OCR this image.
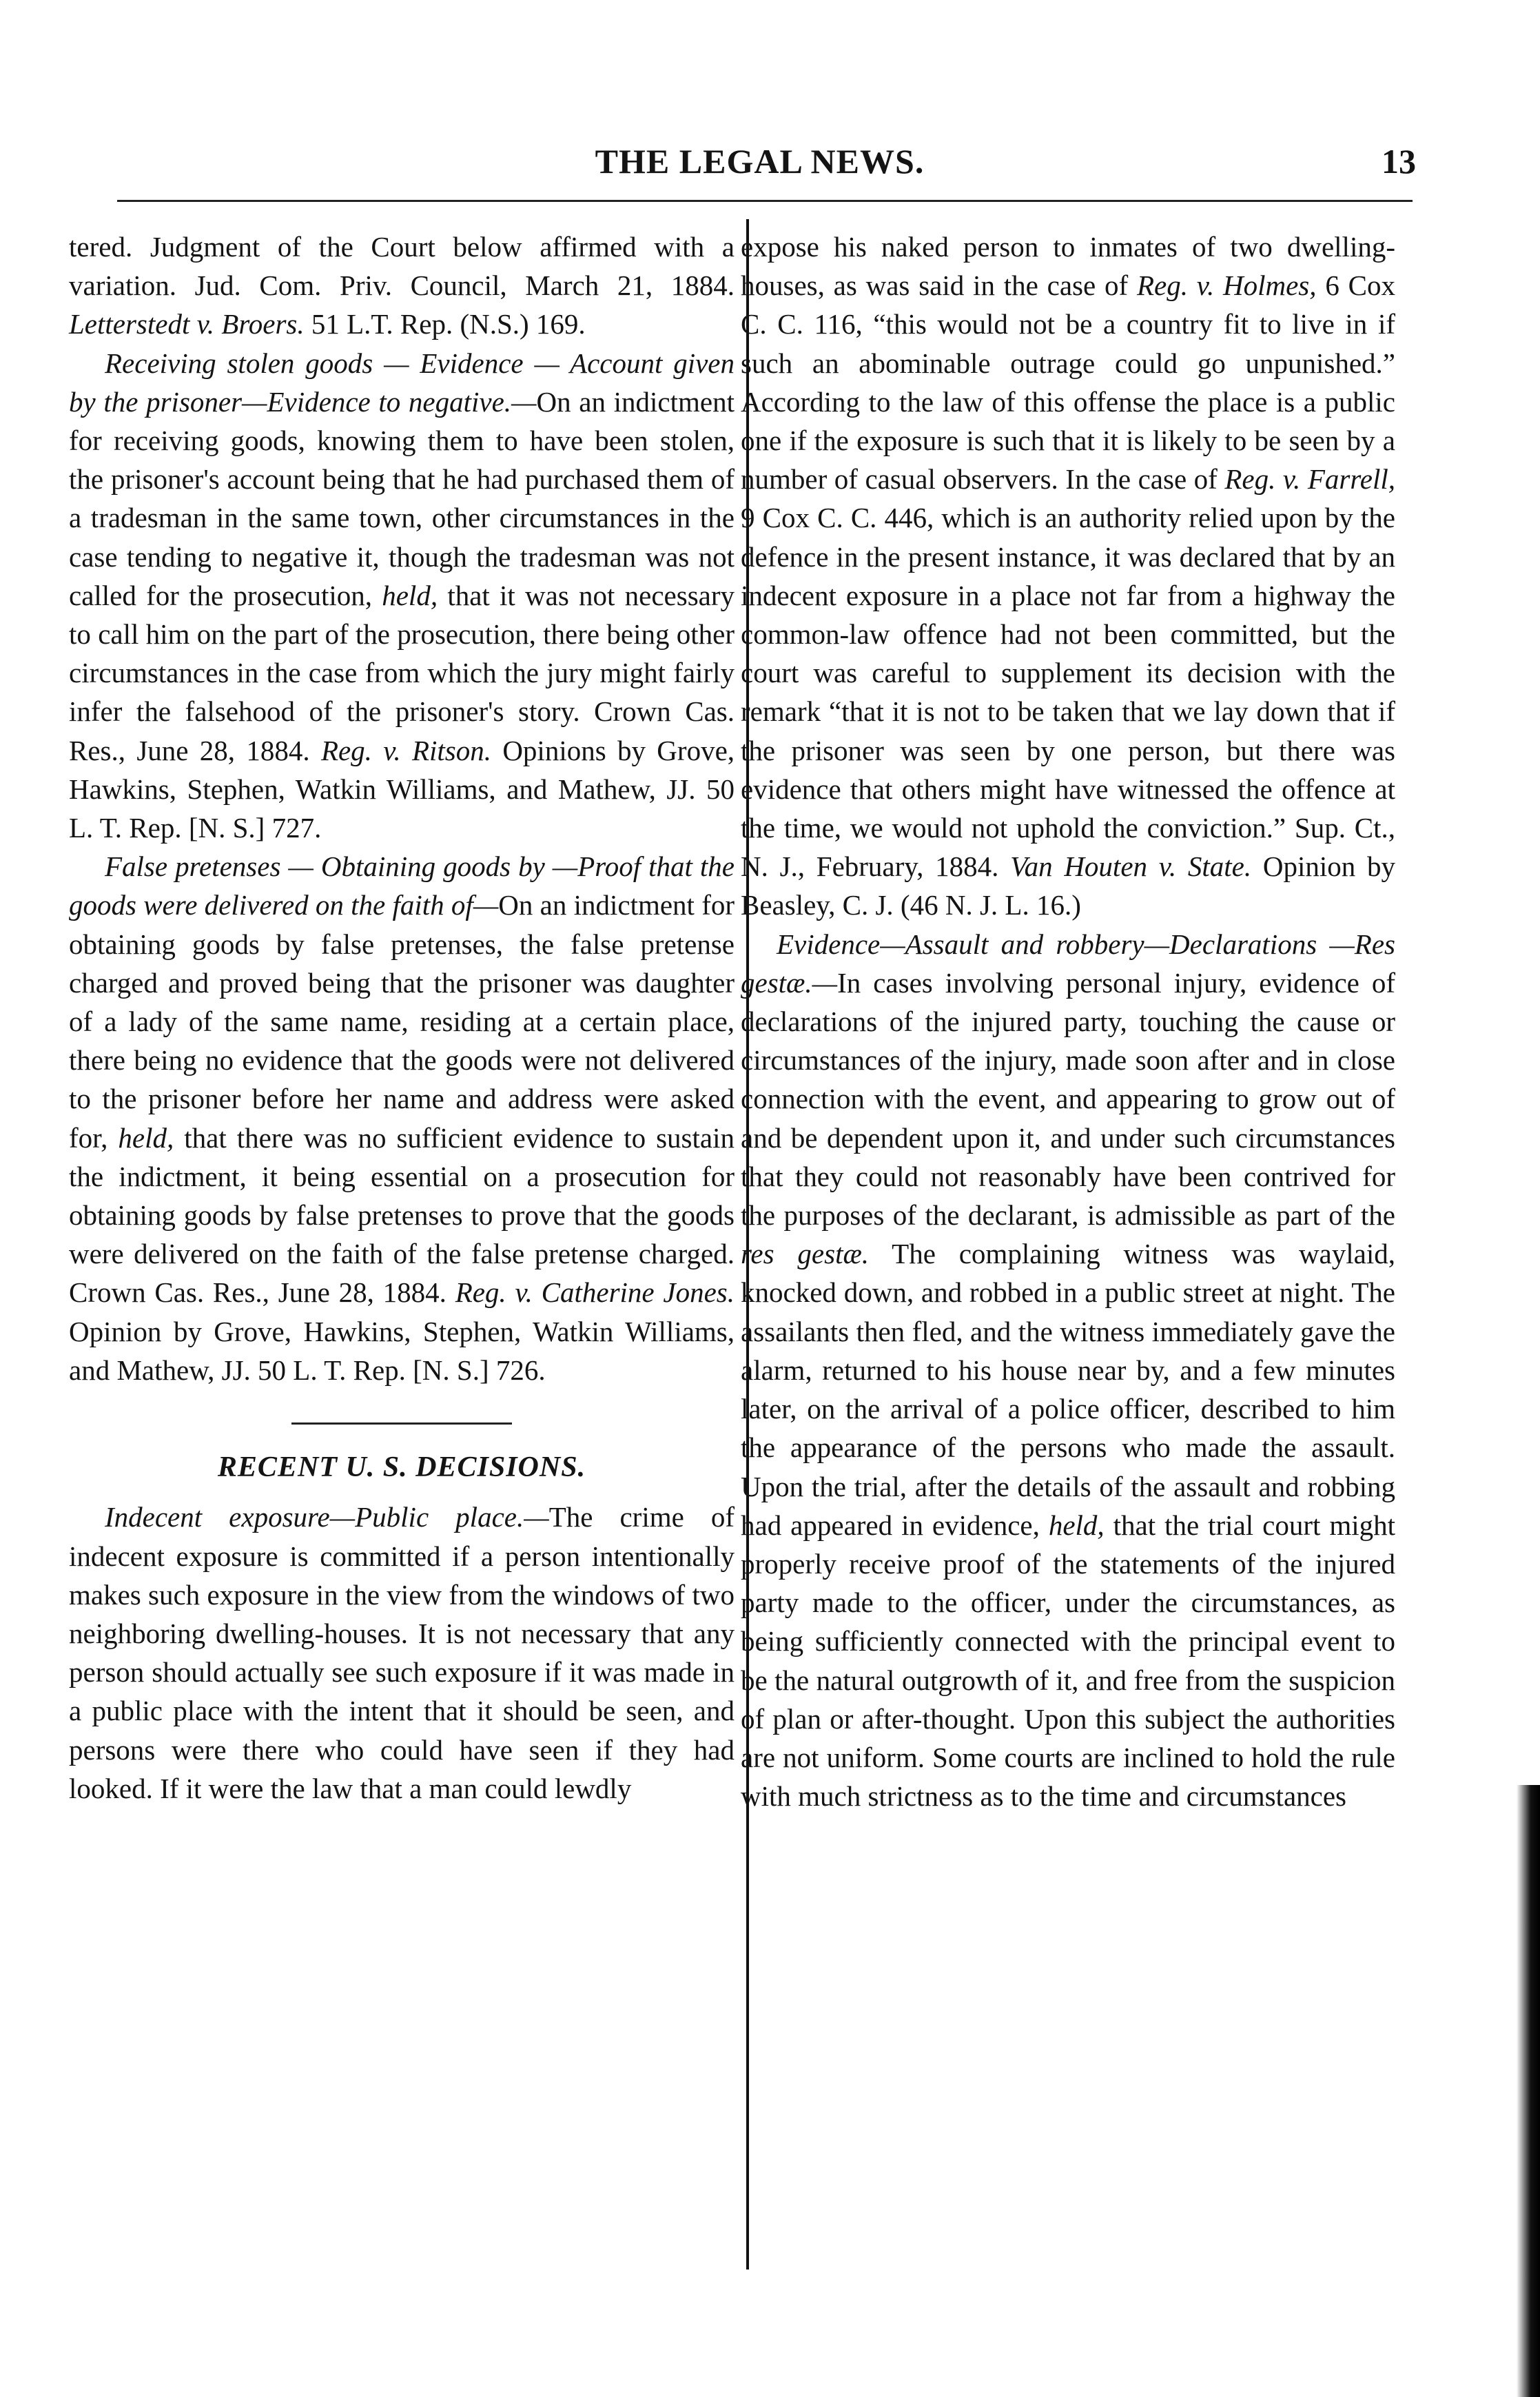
THE LEGAL NEWS.	13

tered. Judgment of the Court below affirmed with a variation. Jud. Com. Priv. Council, March 21, 1884. Letterstedt v. Broers. 51 L.T. Rep. (N.S.) 169.

Receiving stolen goods — Evidence — Account given by the prisoner—Evidence to negative.—On an indictment for receiving goods, knowing them to have been stolen, the prisoner's account being that he had purchased them of a tradesman in the same town, other circumstances in the case tending to negative it, though the tradesman was not called for the prosecution, held, that it was not necessary to call him on the part of the prosecution, there being other circumstances in the case from which the jury might fairly infer the falsehood of the prisoner's story. Crown Cas. Res., June 28, 1884. Reg. v. Ritson. Opinions by Grove, Hawkins, Stephen, Watkin Williams, and Mathew, JJ. 50 L. T. Rep. [N. S.] 727.

False pretenses — Obtaining goods by —Proof that the goods were delivered on the faith of—On an indictment for obtaining goods by false pretenses, the false pretense charged and proved being that the prisoner was daughter of a lady of the same name, residing at a certain place, there being no evidence that the goods were not delivered to the prisoner before her name and address were asked for, held, that there was no sufficient evidence to sustain the indictment, it being essential on a prosecution for obtaining goods by false pretenses to prove that the goods were delivered on the faith of the false pretense charged. Crown Cas. Res., June 28, 1884. Reg. v. Catherine Jones. Opinion by Grove, Hawkins, Stephen, Watkin Williams, and Mathew, JJ. 50 L. T. Rep. [N. S.] 726.

RECENT U. S. DECISIONS.

Indecent exposure—Public place.—The crime of indecent exposure is committed if a person intentionally makes such exposure in the view from the windows of two neighboring dwelling-houses. It is not necessary that any person should actually see such exposure if it was made in a public place with the intent that it should be seen, and persons were there who could have seen if they had looked. If it were the law that a man could lewdly

expose his naked person to inmates of two dwelling-houses, as was said in the case of Reg. v. Holmes, 6 Cox C. C. 116, “this would not be a country fit to live in if such an abominable outrage could go unpunished.” According to the law of this offense the place is a public one if the exposure is such that it is likely to be seen by a number of casual observers. In the case of Reg. v. Farrell, 9 Cox C. C. 446, which is an authority relied upon by the defence in the present instance, it was declared that by an indecent exposure in a place not far from a highway the common-law offence had not been committed, but the court was careful to supplement its decision with the remark “that it is not to be taken that we lay down that if the prisoner was seen by one person, but there was evidence that others might have witnessed the offence at the time, we would not uphold the conviction.” Sup. Ct., N. J., February, 1884. Van Houten v. State. Opinion by Beasley, C. J. (46 N. J. L. 16.)

Evidence—Assault and robbery—Declarations —Res gestæ.—In cases involving personal injury, evidence of declarations of the injured party, touching the cause or circumstances of the injury, made soon after and in close connection with the event, and appearing to grow out of and be dependent upon it, and under such circumstances that they could not reasonably have been contrived for the purposes of the declarant, is admissible as part of the res gestæ. The complaining witness was waylaid, knocked down, and robbed in a public street at night. The assailants then fled, and the witness immediately gave the alarm, returned to his house near by, and a few minutes later, on the arrival of a police officer, described to him the appearance of the persons who made the assault. Upon the trial, after the details of the assault and robbing had appeared in evidence, held, that the trial court might properly receive proof of the statements of the injured party made to the officer, under the circumstances, as being sufficiently connected with the principal event to be the natural outgrowth of it, and free from the suspicion of plan or after-thought. Upon this subject the authorities are not uniform. Some courts are inclined to hold the rule with much strictness as to the time and circumstances
